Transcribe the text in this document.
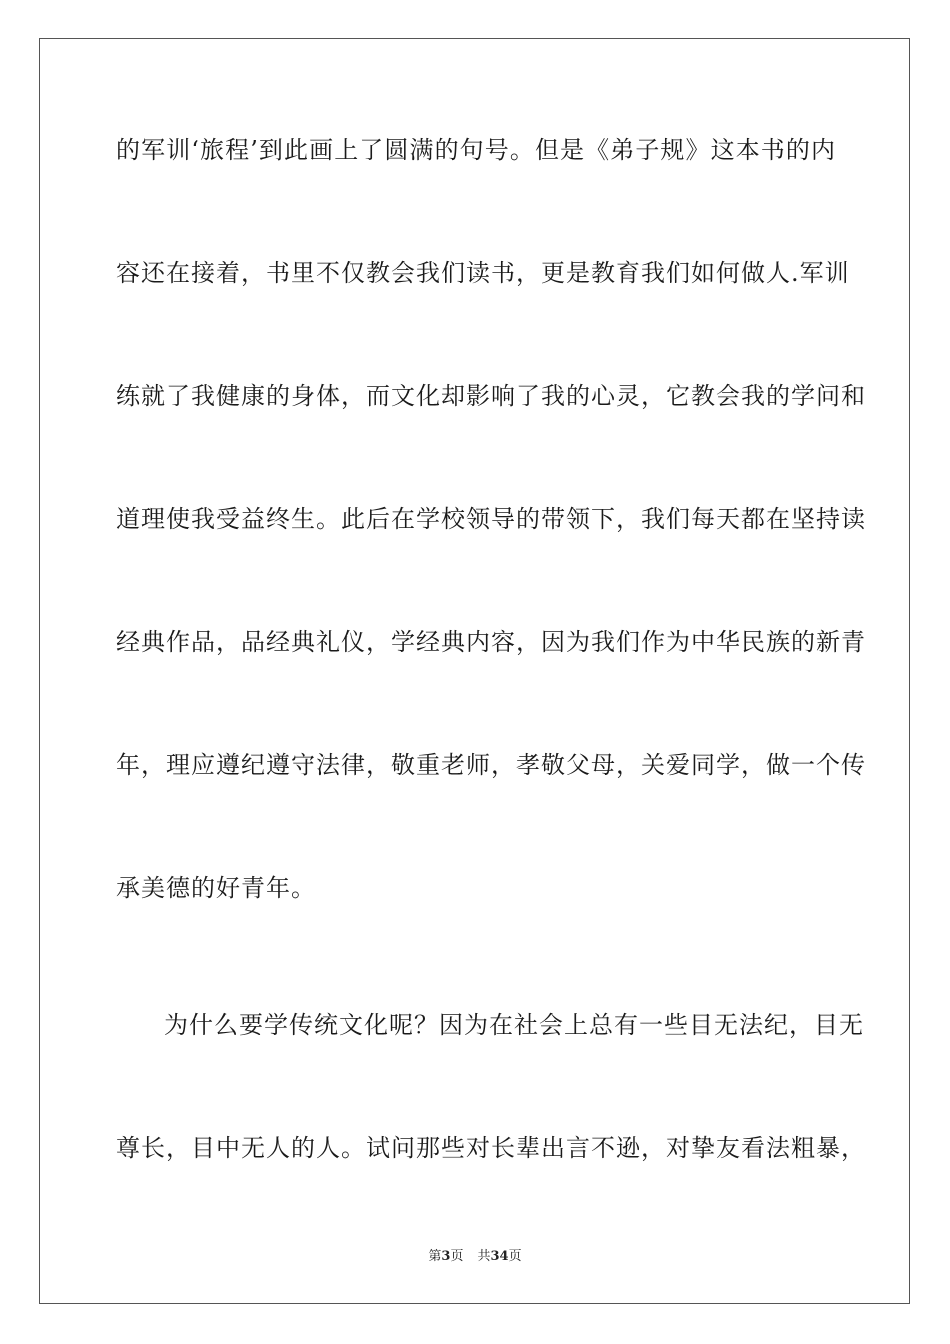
的军训‘旅程’到此画上了圆满的句号。但是《弟子规》这本书的内
容还在接着，书里不仅教会我们读书，更是教育我们如何做人.军训
练就了我健康的身体，而文化却影响了我的心灵，它教会我的学问和
道理使我受益终生。此后在学校领导的带领下，我们每天都在坚持读
经典作品，品经典礼仪，学经典内容，因为我们作为中华民族的新青
年，理应遵纪遵守法律，敬重老师，孝敬父母，关爱同学，做一个传
承美德的好青年。
为什么要学传统文化呢？因为在社会上总有一些目无法纪，目无
尊长，目中无人的人。试问那些对长辈出言不逊，对挚友看法粗暴，
第3页 共34页
